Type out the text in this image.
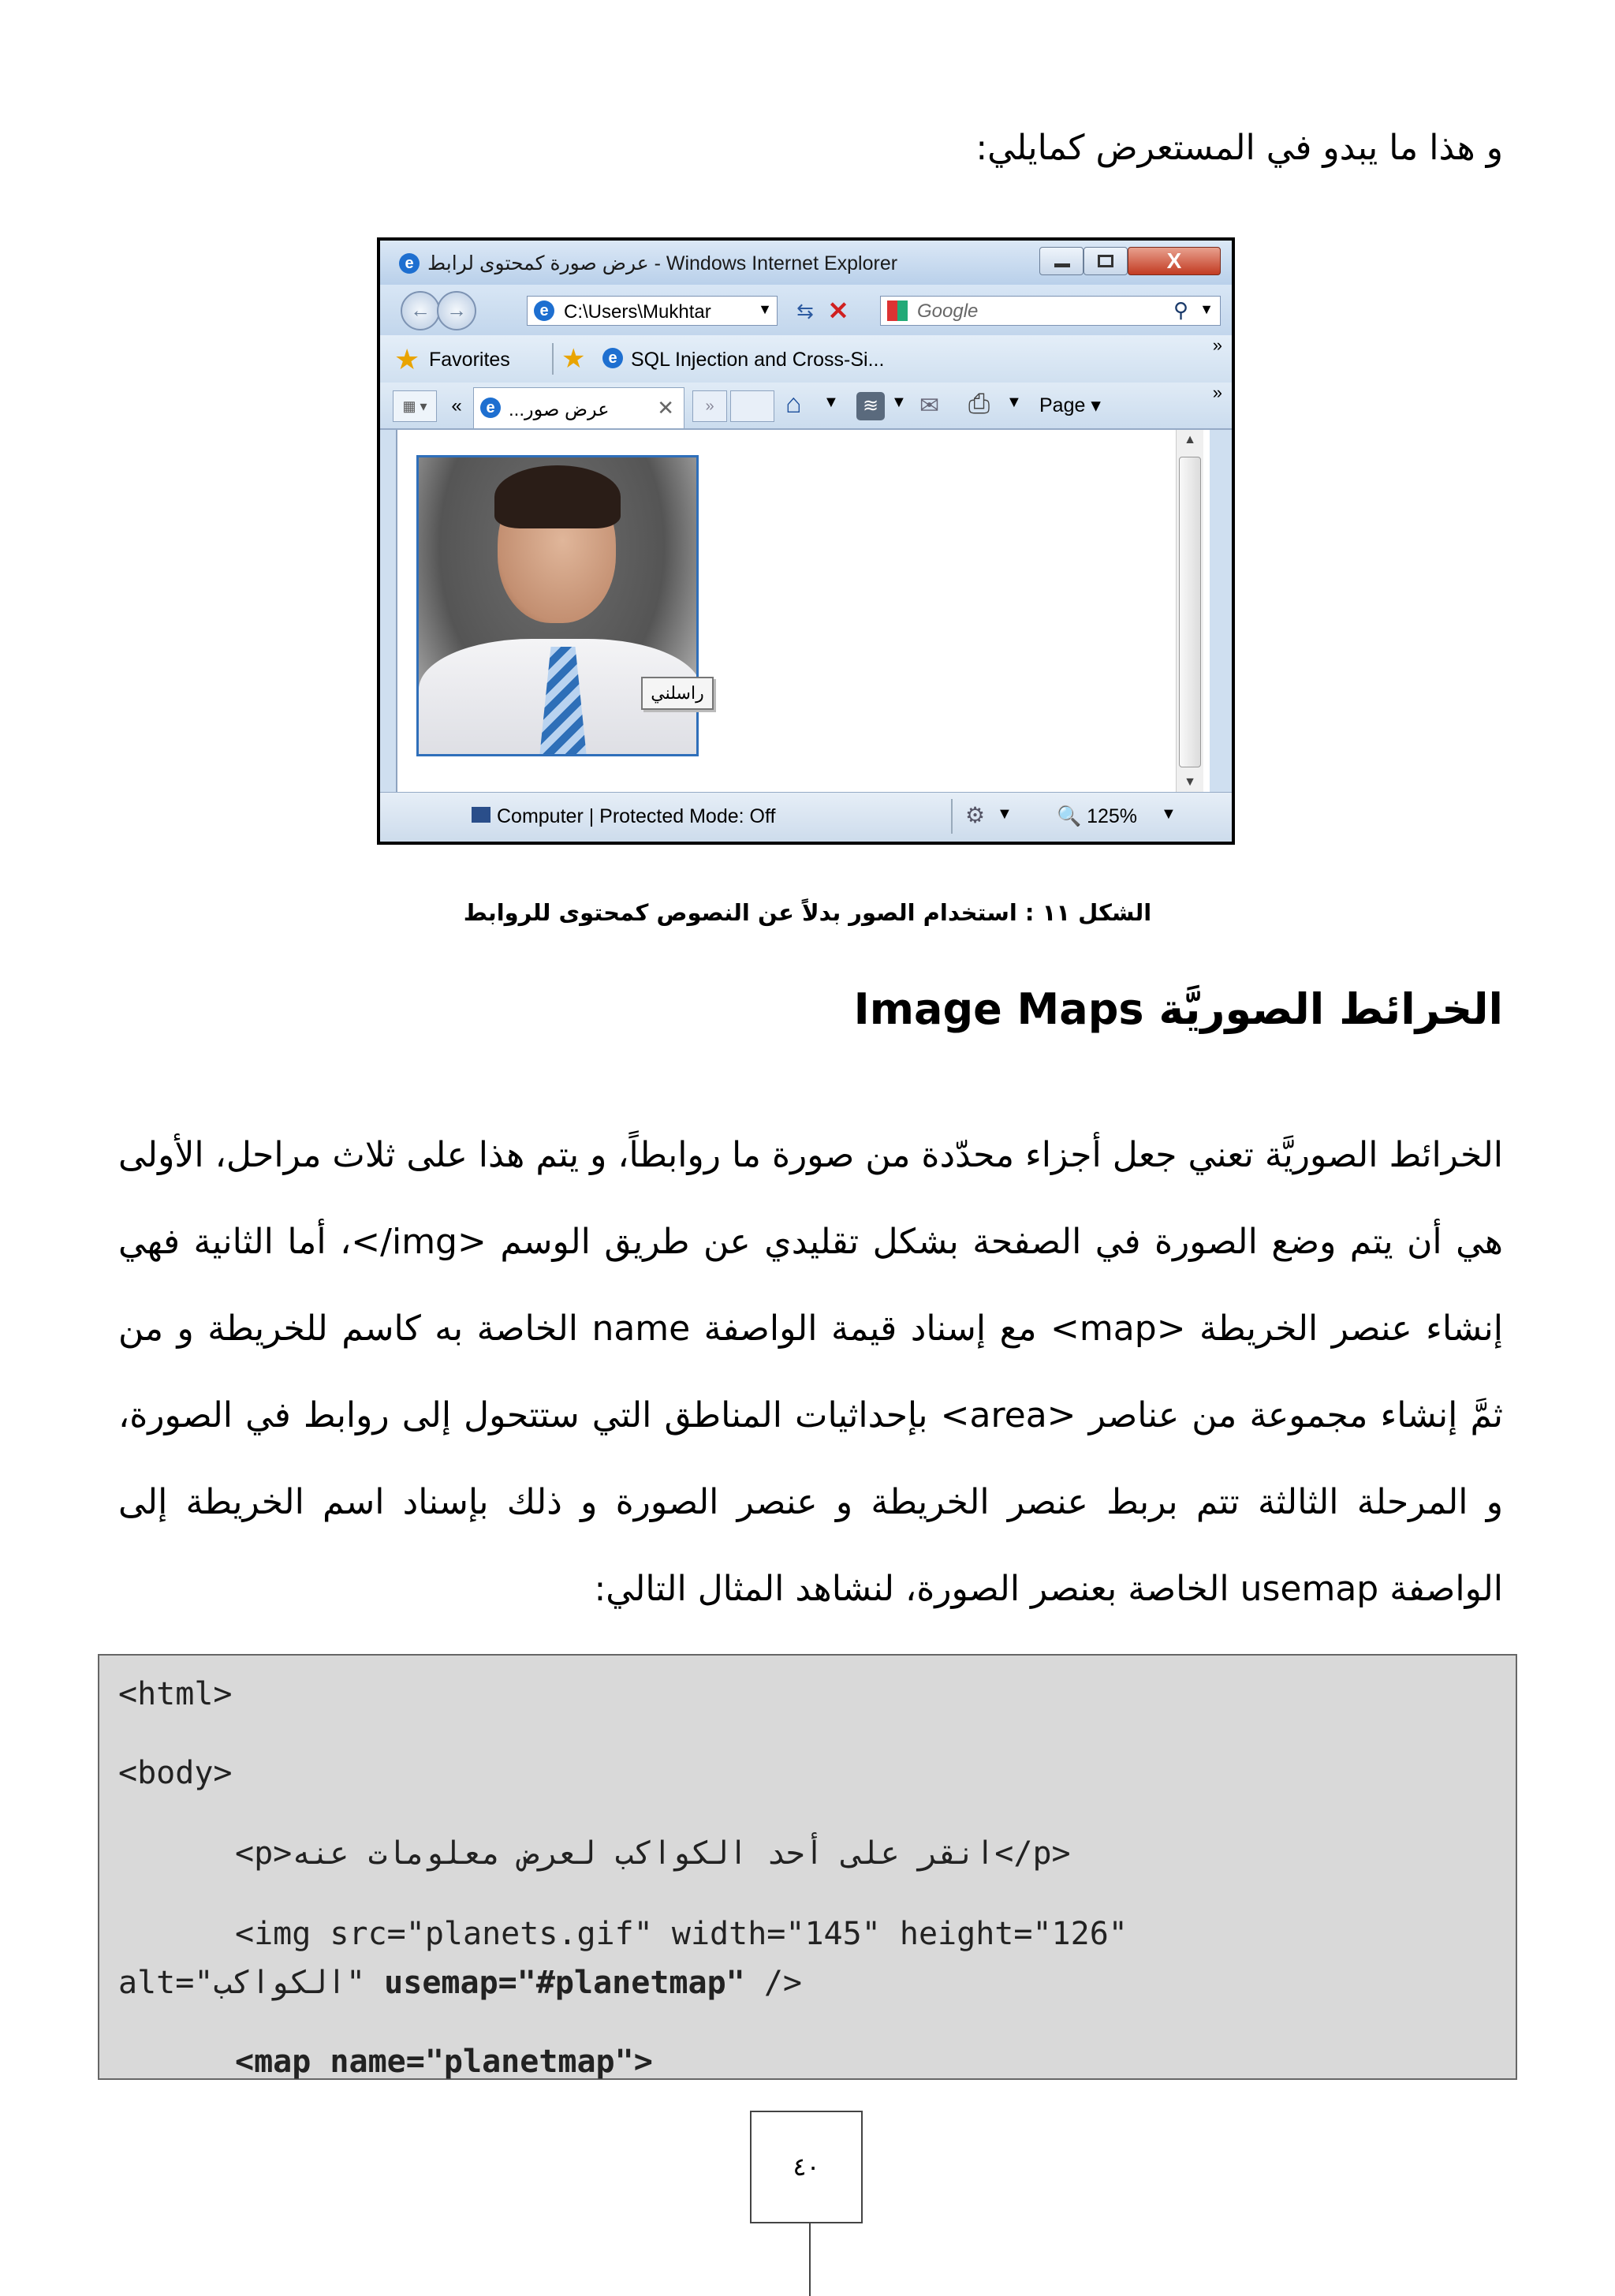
و هذا ما يبدو في المستعرض كمايلي:
e عرض صورة كمحتوى لرابط - Windows Internet Explorer	X
← →	e C:\Users\Mukhtar	▼	⇆ ✕	Google	⚲ ▼
★ Favorites ★	e SQL Injection and Cross-Si...
»
▦ ▾	«	e عرض صور... ✕	»	⌂ ▼	≋ ▼ ✉ ⎙ ▼ Page ▾
»
راسلني
▲
▼
Computer | Protected Mode: Off	⚙ ▼ 🔍 125% ▼
الشكل ١١ : استخدام الصور بدلاً عن النصوص كمحتوى للروابط
الخرائط الصوريَّة Image Maps
الخرائط الصوريَّة تعني جعل أجزاء محدّدة من صورة ما روابطاً، و يتم هذا على ثلاث مراحل، الأولى هي أن يتم وضع الصورة في الصفحة بشكل تقليدي عن طريق الوسم <img/>، أما الثانية فهي إنشاء عنصر الخريطة <map> مع إسناد قيمة الواصفة name الخاصة به كاسم للخريطة و من ثمَّ إنشاء مجموعة من عناصر <area> بإحداثيات المناطق التي ستتحول إلى روابط في الصورة، و المرحلة الثالثة تتم بربط عنصر الخريطة و عنصر الصورة و ذلك بإسناد اسم الخريطة إلى الواصفة usemap الخاصة بعنصر الصورة، لنشاهد المثال التالي:
<html>
<body>
<p>انقر على أحد الكواكب لعرض معلومات عنه</p>
<img src="planets.gif" width="145" height="126"
alt="الكواكب" usemap="#planetmap" />
<map name="planetmap">
٤٠
